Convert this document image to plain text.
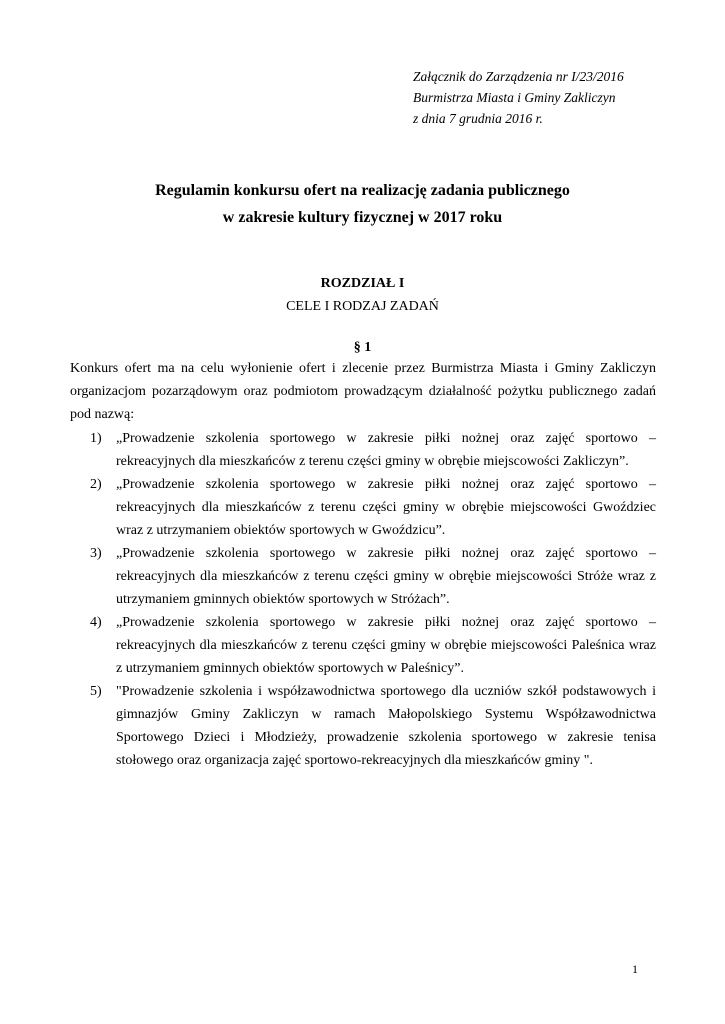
Załącznik do Zarządzenia nr I/23/2016
Burmistrza Miasta i Gminy Zakliczyn
z dnia 7 grudnia 2016 r.
Regulamin konkursu ofert na realizację zadania publicznego
w zakresie kultury fizycznej w 2017 roku
ROZDZIAŁ I
CELE I RODZAJ ZADAŃ
§ 1
Konkurs ofert ma na celu wyłonienie ofert i zlecenie przez Burmistrza Miasta i Gminy Zakliczyn organizacjom pozarządowym oraz podmiotom prowadzącym działalność pożytku publicznego zadań pod nazwą:
1) „Prowadzenie szkolenia sportowego w zakresie piłki nożnej oraz zajęć sportowo – rekreacyjnych dla mieszkańców z terenu części gminy w obrębie miejscowości Zakliczyn”.
2) „Prowadzenie szkolenia sportowego w zakresie piłki nożnej oraz zajęć sportowo – rekreacyjnych dla mieszkańców z terenu części gminy w obrębie miejscowości Gwoździec wraz z utrzymaniem obiektów sportowych w Gwoździcu”.
3) „Prowadzenie szkolenia sportowego w zakresie piłki nożnej oraz zajęć sportowo – rekreacyjnych dla mieszkańców z terenu części gminy w obrębie miejscowości Stróże wraz z utrzymaniem gminnych obiektów sportowych w Stróżach”.
4) „Prowadzenie szkolenia sportowego w zakresie piłki nożnej oraz zajęć sportowo – rekreacyjnych dla mieszkańców z terenu części gminy w obrębie miejscowości Paleśnica wraz z utrzymaniem gminnych obiektów sportowych w Paleśnicy”.
5) "Prowadzenie szkolenia i współzawodnictwa sportowego dla uczniów szkół podstawowych i gimnazjów Gminy Zakliczyn w ramach Małopolskiego Systemu Współzawodnictwa Sportowego Dzieci i Młodzieży, prowadzenie szkolenia sportowego w zakresie tenisa stołowego oraz organizacja zajęć sportowo-rekreacyjnych dla mieszkańców gminy ".
1
